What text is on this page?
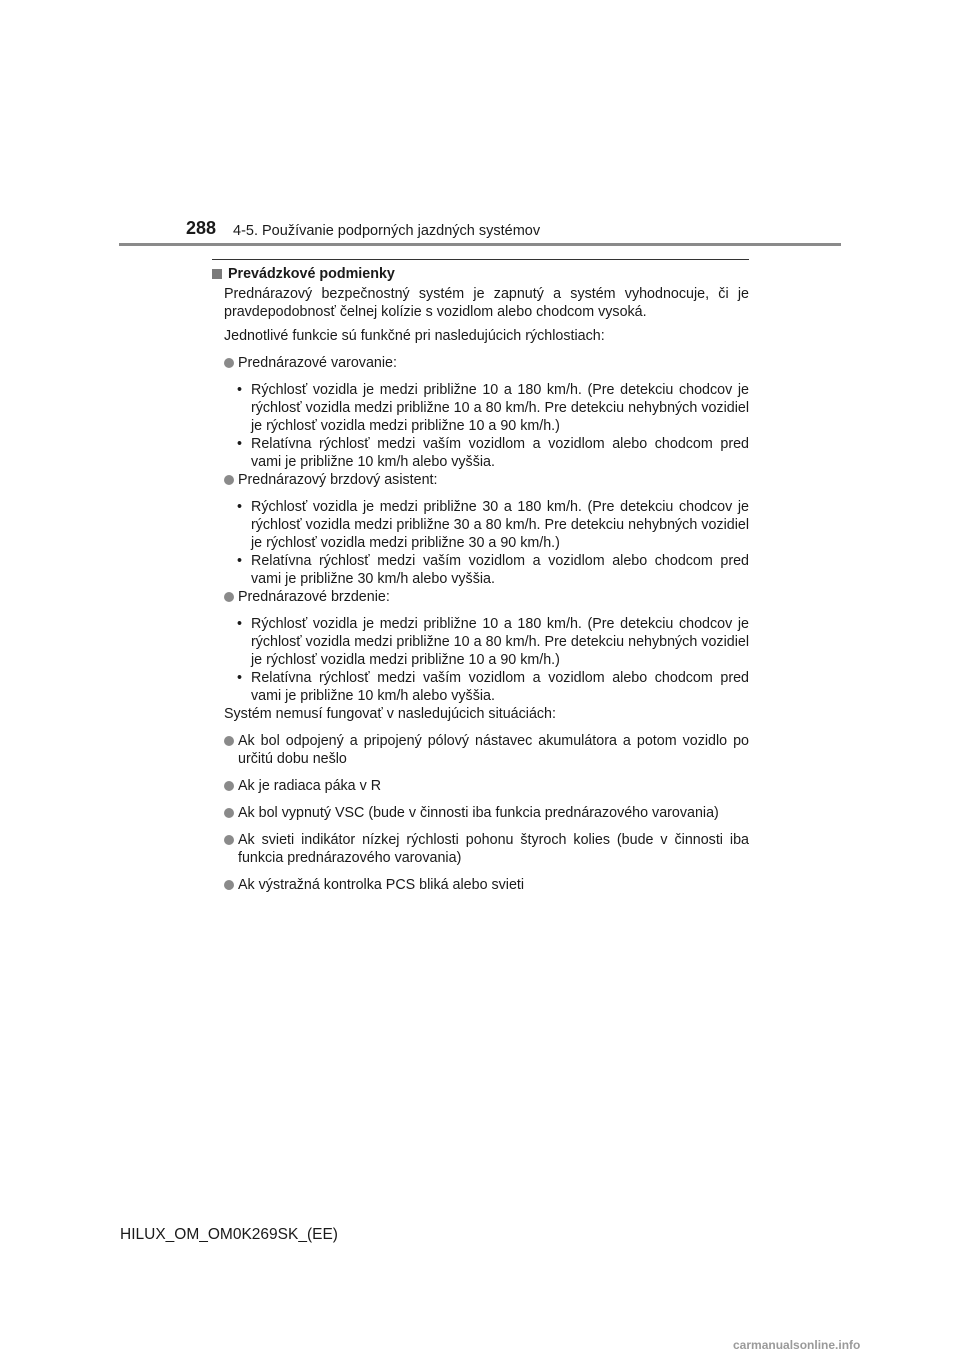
288 4-5. Používanie podporných jazdných systémov
Prevádzkové podmienky
Prednárazový bezpečnostný systém je zapnutý a systém vyhodnocuje, či je pravdepodobnosť čelnej kolízie s vozidlom alebo chodcom vysoká.
Jednotlivé funkcie sú funkčné pri nasledujúcich rýchlostiach:
Prednárazové varovanie:
• Rýchlosť vozidla je medzi približne 10 a 180 km/h. (Pre detekciu chodcov je rýchlosť vozidla medzi približne 10 a 80 km/h. Pre detekciu nehybných vozidiel je rýchlosť vozidla medzi približne 10 a 90 km/h.)
• Relatívna rýchlosť medzi vaším vozidlom a vozidlom alebo chodcom pred vami je približne 10 km/h alebo vyššia.
Prednárazový brzdový asistent:
• Rýchlosť vozidla je medzi približne 30 a 180 km/h. (Pre detekciu chodcov je rýchlosť vozidla medzi približne 30 a 80 km/h. Pre detekciu nehybných vozidiel je rýchlosť vozidla medzi približne 30 a 90 km/h.)
• Relatívna rýchlosť medzi vaším vozidlom a vozidlom alebo chodcom pred vami je približne 30 km/h alebo vyššia.
Prednárazové brzdenie:
• Rýchlosť vozidla je medzi približne 10 a 180 km/h. (Pre detekciu chodcov je rýchlosť vozidla medzi približne 10 a 80 km/h. Pre detekciu nehybných vozidiel je rýchlosť vozidla medzi približne 10 a 90 km/h.)
• Relatívna rýchlosť medzi vaším vozidlom a vozidlom alebo chodcom pred vami je približne 10 km/h alebo vyššia.
Systém nemusí fungovať v nasledujúcich situáciách:
Ak bol odpojený a pripojený pólový nástavec akumulátora a potom vozidlo po určitú dobu nešlo
Ak je radiaca páka v R
Ak bol vypnutý VSC (bude v činnosti iba funkcia prednárazového varovania)
Ak svieti indikátor nízkej rýchlosti pohonu štyroch kolies (bude v činnosti iba funkcia prednárazového varovania)
Ak výstražná kontrolka PCS bliká alebo svieti
HILUX_OM_OM0K269SK_(EE)
carmanualsonline.info
